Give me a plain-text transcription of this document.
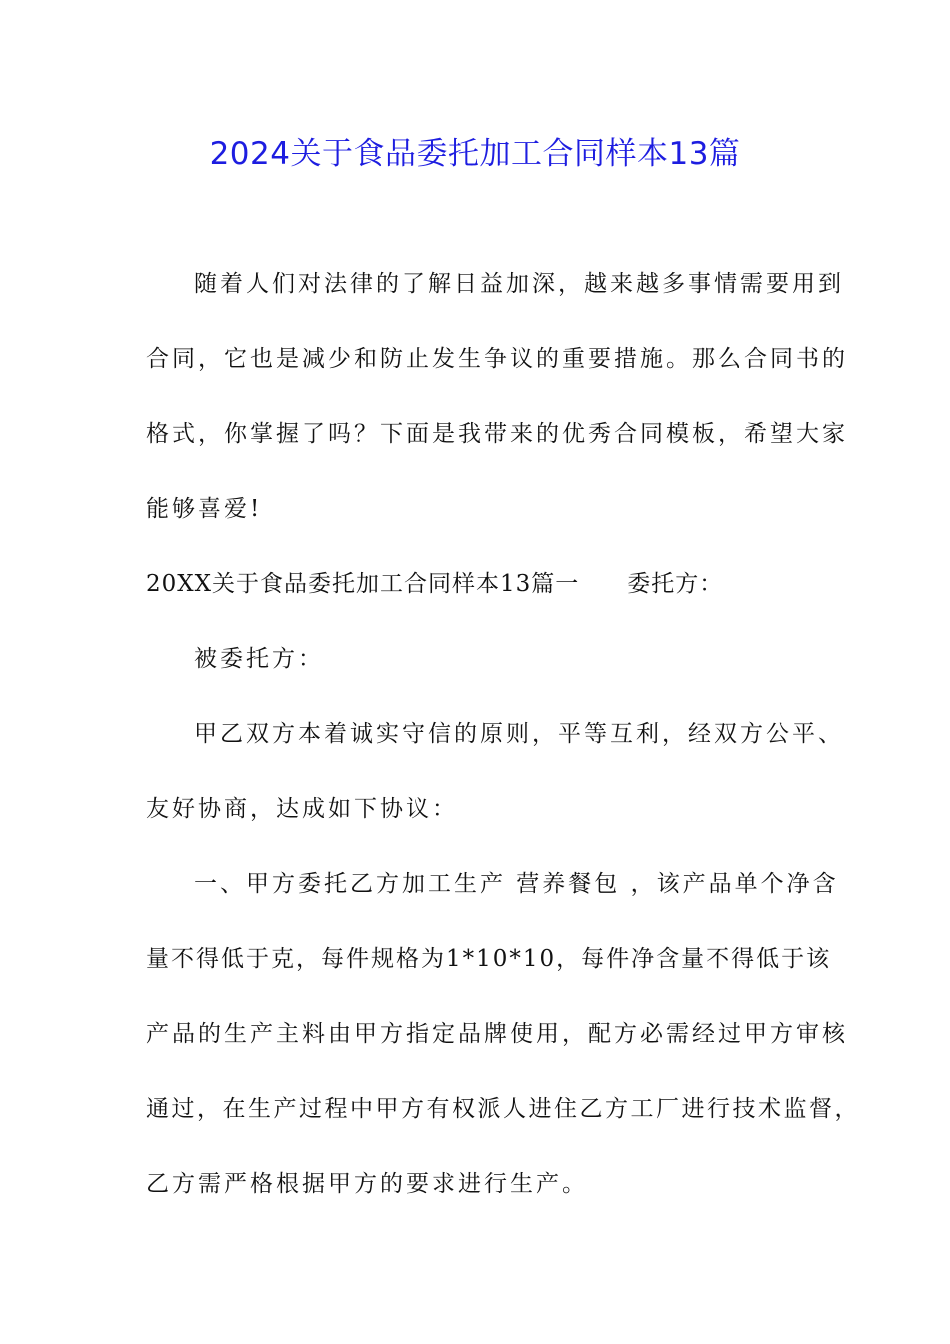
2024关于食品委托加工合同样本13篇
随着人们对法律的了解日益加深，越来越多事情需要用到
合同，它也是减少和防止发生争议的重要措施。那么合同书的
格式，你掌握了吗？下面是我带来的优秀合同模板，希望大家
能够喜爱!
20XX关于食品委托加工合同样本13篇一　　委托方：
被委托方：
甲乙双方本着诚实守信的原则，平等互利，经双方公平、
友好协商，达成如下协议：
一、甲方委托乙方加工生产 营养餐包 ，该产品单个净含
量不得低于克，每件规格为1*10*10，每件净含量不得低于该
产品的生产主料由甲方指定品牌使用，配方必需经过甲方审核
通过，在生产过程中甲方有权派人进住乙方工厂进行技术监督，
乙方需严格根据甲方的要求进行生产。
